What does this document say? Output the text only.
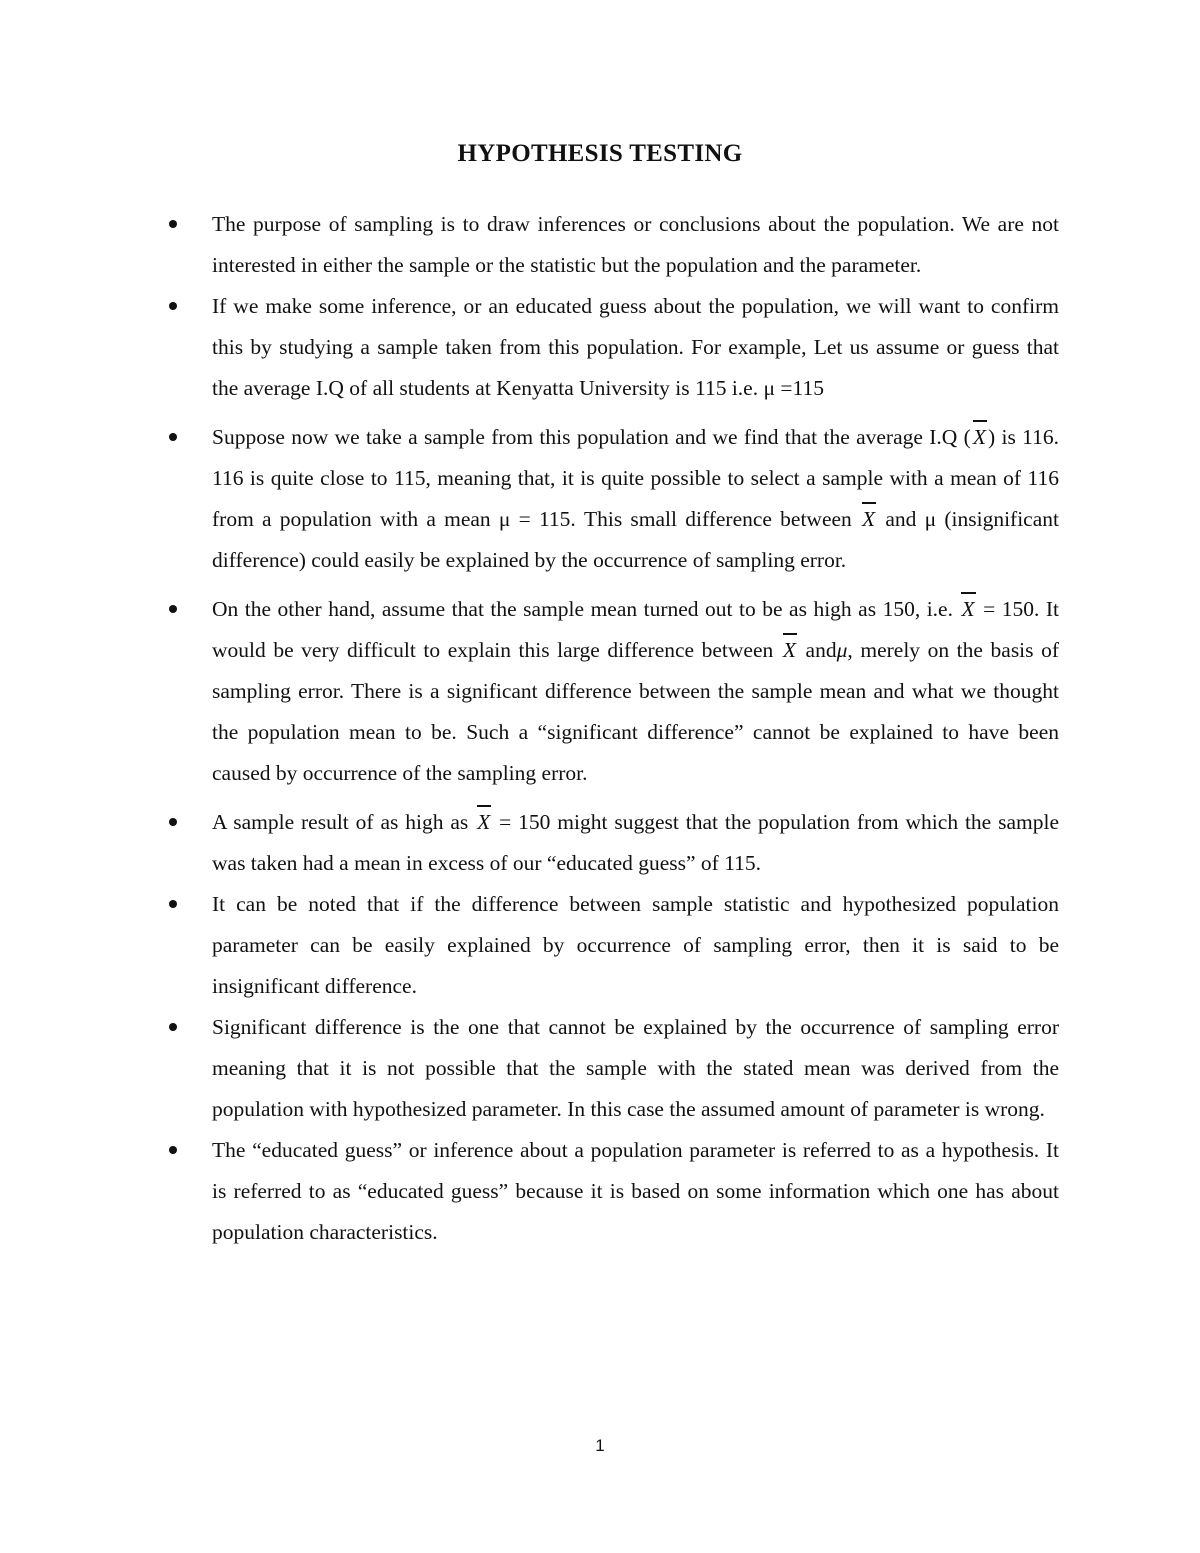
HYPOTHESIS TESTING
The purpose of sampling is to draw inferences or conclusions about the population. We are not interested in either the sample or the statistic but the population and the parameter.
If we make some inference, or an educated guess about the population, we will want to confirm this by studying a sample taken from this population. For example, Let us assume or guess that the average I.Q of all students at Kenyatta University is 115 i.e. μ =115
Suppose now we take a sample from this population and we find that the average I.Q (X) is 116. 116 is quite close to 115, meaning that, it is quite possible to select a sample with a mean of 116 from a population with a mean μ = 115. This small difference between X and μ (insignificant difference) could easily be explained by the occurrence of sampling error.
On the other hand, assume that the sample mean turned out to be as high as 150, i.e. X = 150. It would be very difficult to explain this large difference between X andμ, merely on the basis of sampling error. There is a significant difference between the sample mean and what we thought the population mean to be. Such a “significant difference” cannot be explained to have been caused by occurrence of the sampling error.
A sample result of as high as X = 150 might suggest that the population from which the sample was taken had a mean in excess of our “educated guess” of 115.
It can be noted that if the difference between sample statistic and hypothesized population parameter can be easily explained by occurrence of sampling error, then it is said to be insignificant difference.
Significant difference is the one that cannot be explained by the occurrence of sampling error meaning that it is not possible that the sample with the stated mean was derived from the population with hypothesized parameter. In this case the assumed amount of parameter is wrong.
The “educated guess” or inference about a population parameter is referred to as a hypothesis. It is referred to as “educated guess” because it is based on some information which one has about population characteristics.
1
